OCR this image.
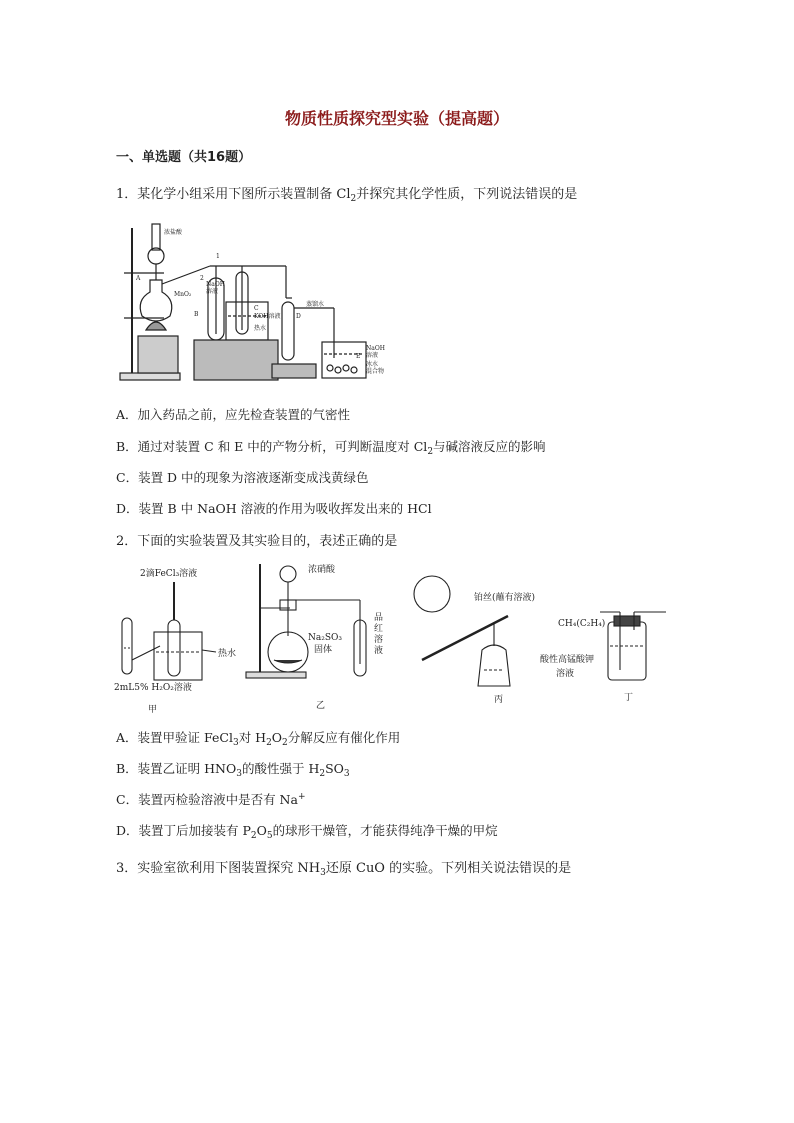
物质性质探究型实验（提高题）
一、单选题（共16题）
1．某化学小组采用下图所示装置制备 $Cl_2$并探究其化学性质，下列说法错误的是
浓盐酸
A
MnO₂
1
2
NaOH
溶液
B
C
KOH溶液
热水
D
蒸馏水
E
NaOH
溶液
冰水
混合物
A．加入药品之前，应先检查装置的气密性
B．通过对装置 C 和 E 中的产物分析，可判断温度对 $Cl_2$与碱溶液反应的影响
C．装置 D 中的现象为溶液逐渐变成浅黄绿色
D．装置 B 中 NaOH 溶液的作用为吸收挥发出来的 HCl
2．下面的实验装置及其实验目的，表述正确的是
2滴FeCl₃溶液
热水
2mL5% H₂O₂溶液
甲
浓硝酸
Na₂SO₃
固体
品
红
溶
液
乙
铂丝(蘸有溶液)
丙
CH₄(C₂H₄)
酸性高锰酸钾
溶液
丁
A．装置甲验证 FeCl$_3$对 $H_2O_2$分解反应有催化作用
B．装置乙证明 $HNO_3$的酸性强于 $H_2SO_3$
C．装置丙检验溶液中是否有 Na+
D．装置丁后加接装有 $P_2O_5$的球形干燥管，才能获得纯净干燥的甲烷
3．实验室欲利用下图装置探究 $NH_3$还原 CuO 的实验。下列相关说法错误的是
